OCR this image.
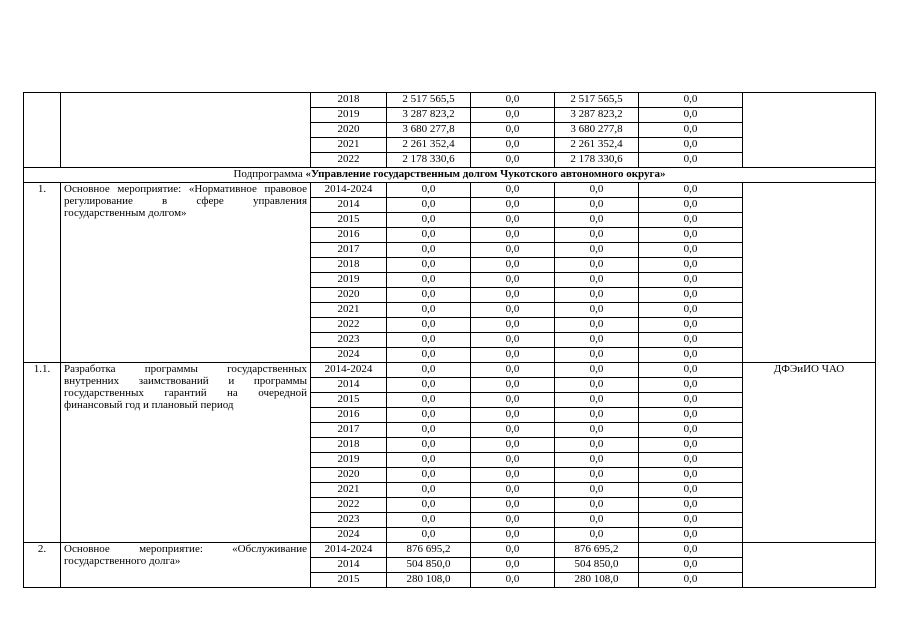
		2018	2 517 565,5	0,0	2 517 565,5	0,0	
		2019	3 287 823,2	0,0	3 287 823,2	0,0	
		2020	3 680 277,8	0,0	3 680 277,8	0,0	
		2021	2 261 352,4	0,0	2 261 352,4	0,0	
		2022	2 178 330,6	0,0	2 178 330,6	0,0	
Подпрограмма «Управление государственным долгом Чукотского автономного округа»							
1.	Основное мероприятие: «Нормативное правовое регулирование в сфере управления государственным долгом»	2014-2024	0,0	0,0	0,0	0,0	
		2014	0,0	0,0	0,0	0,0	
		2015	0,0	0,0	0,0	0,0	
		2016	0,0	0,0	0,0	0,0	
		2017	0,0	0,0	0,0	0,0	
		2018	0,0	0,0	0,0	0,0	
		2019	0,0	0,0	0,0	0,0	
		2020	0,0	0,0	0,0	0,0	
		2021	0,0	0,0	0,0	0,0	
		2022	0,0	0,0	0,0	0,0	
		2023	0,0	0,0	0,0	0,0	
		2024	0,0	0,0	0,0	0,0	
1.1.	Разработка программы государственных внутренних заимствований и программы государственных гарантий на очередной финансовый год и плановый период	2014-2024	0,0	0,0	0,0	0,0	ДФЭиИО ЧАО
		2014	0,0	0,0	0,0	0,0	
		2015	0,0	0,0	0,0	0,0	
		2016	0,0	0,0	0,0	0,0	
		2017	0,0	0,0	0,0	0,0	
		2018	0,0	0,0	0,0	0,0	
		2019	0,0	0,0	0,0	0,0	
		2020	0,0	0,0	0,0	0,0	
		2021	0,0	0,0	0,0	0,0	
		2022	0,0	0,0	0,0	0,0	
		2023	0,0	0,0	0,0	0,0	
		2024	0,0	0,0	0,0	0,0	
2.	Основное мероприятие: «Обслуживание государственного долга»	2014-2024	876 695,2	0,0	876 695,2	0,0	
		2014	504 850,0	0,0	504 850,0	0,0	
		2015	280 108,0	0,0	280 108,0	0,0	
